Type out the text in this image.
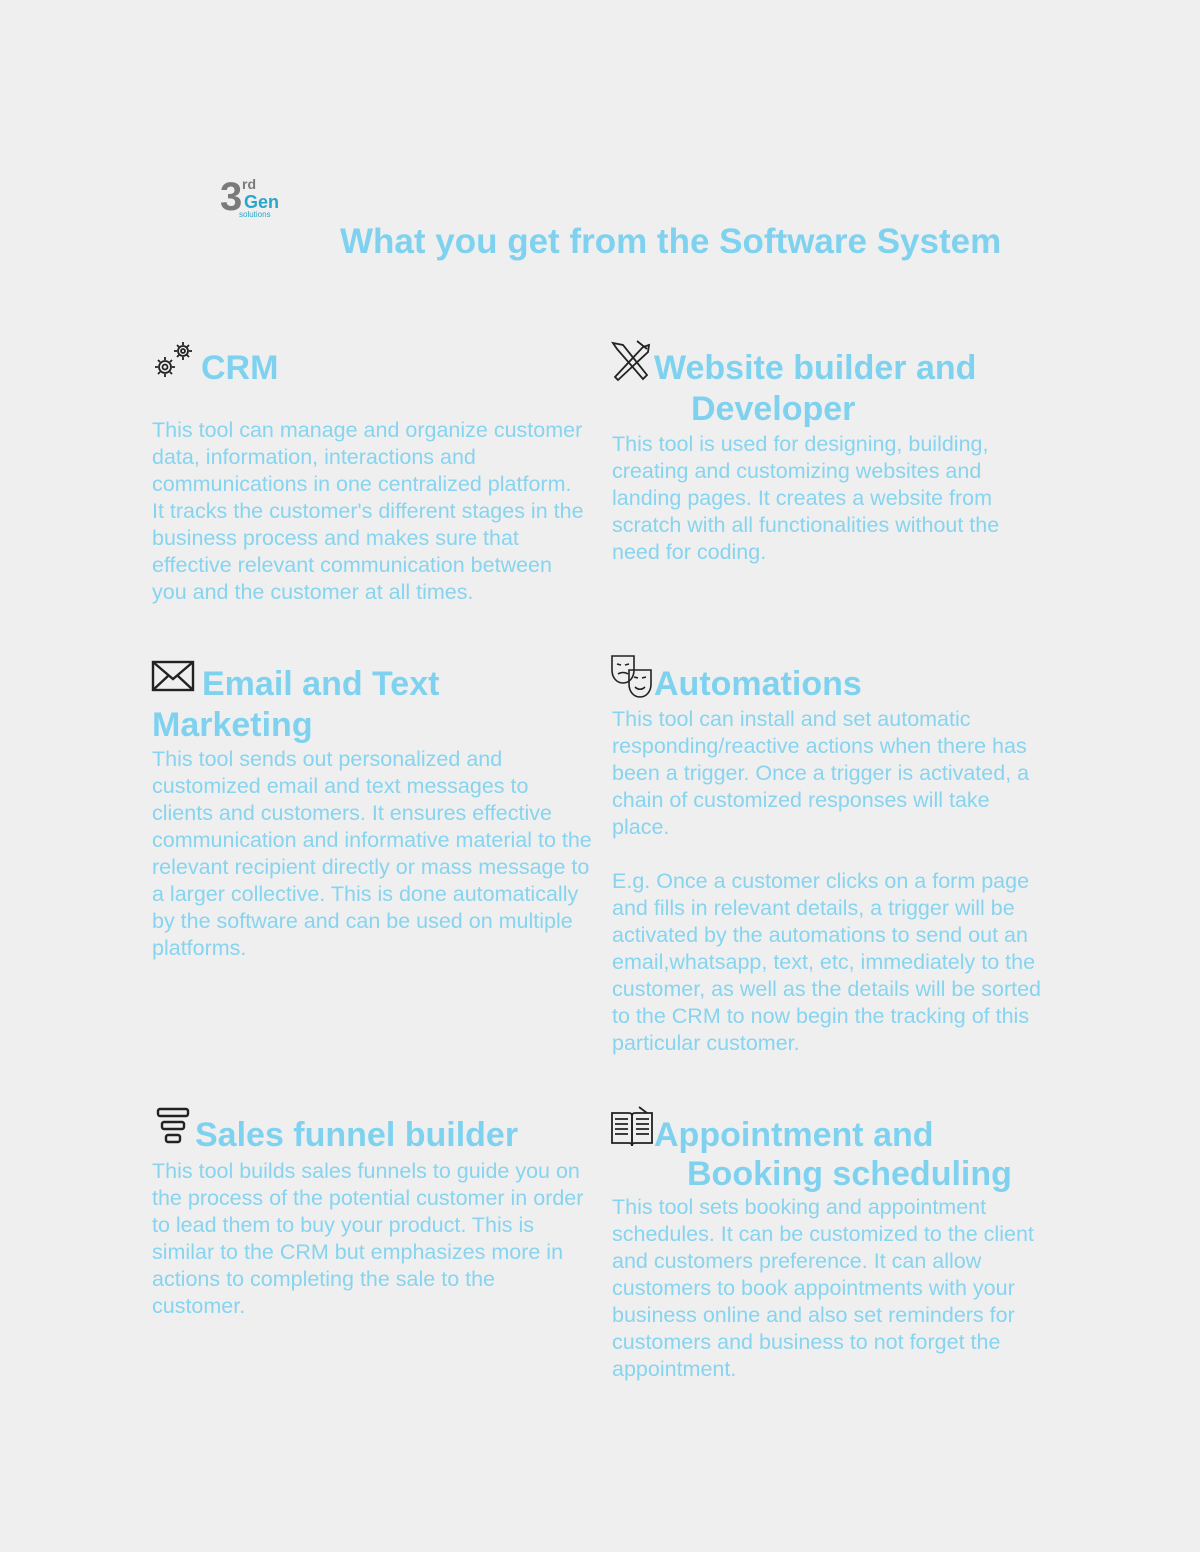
3 rd
Gen
solutions
What you get from the Software System
CRM
This tool can manage and organize customer data, information, interactions and communications in one centralized platform. It tracks the customer's different stages in the business process and makes sure that effective relevant communication between you and the customer at all times.
Website builder and
Developer
This tool is used for designing, building, creating and customizing websites and landing pages. It creates a website from scratch with all functionalities without the need for coding.
Email and Text
Marketing
This tool sends out personalized and customized email and text messages to clients and customers. It ensures effective communication and informative material to the relevant recipient directly or mass message to a larger collective. This is done automatically by the software and can be used on multiple platforms.
Automations
This tool can install and set automatic responding/reactive actions when there has been a trigger. Once a trigger is activated, a chain of customized responses will take place.
E.g. Once a customer clicks on a form page and fills in relevant details, a trigger will be activated by the automations to send out an email,whatsapp, text, etc, immediately to the customer, as well as the details will be sorted to the CRM to now begin the tracking of this particular customer.
Sales funnel builder
This tool builds sales funnels to guide you on the process of the potential customer in order to lead them to buy your product. This is similar to the CRM but emphasizes more in actions to completing the sale to the customer.
Appointment and
Booking scheduling
This tool sets booking and appointment schedules. It can be customized to the client and customers preference. It can allow customers to book appointments with your business online and also set reminders for customers and business to not forget the appointment.
